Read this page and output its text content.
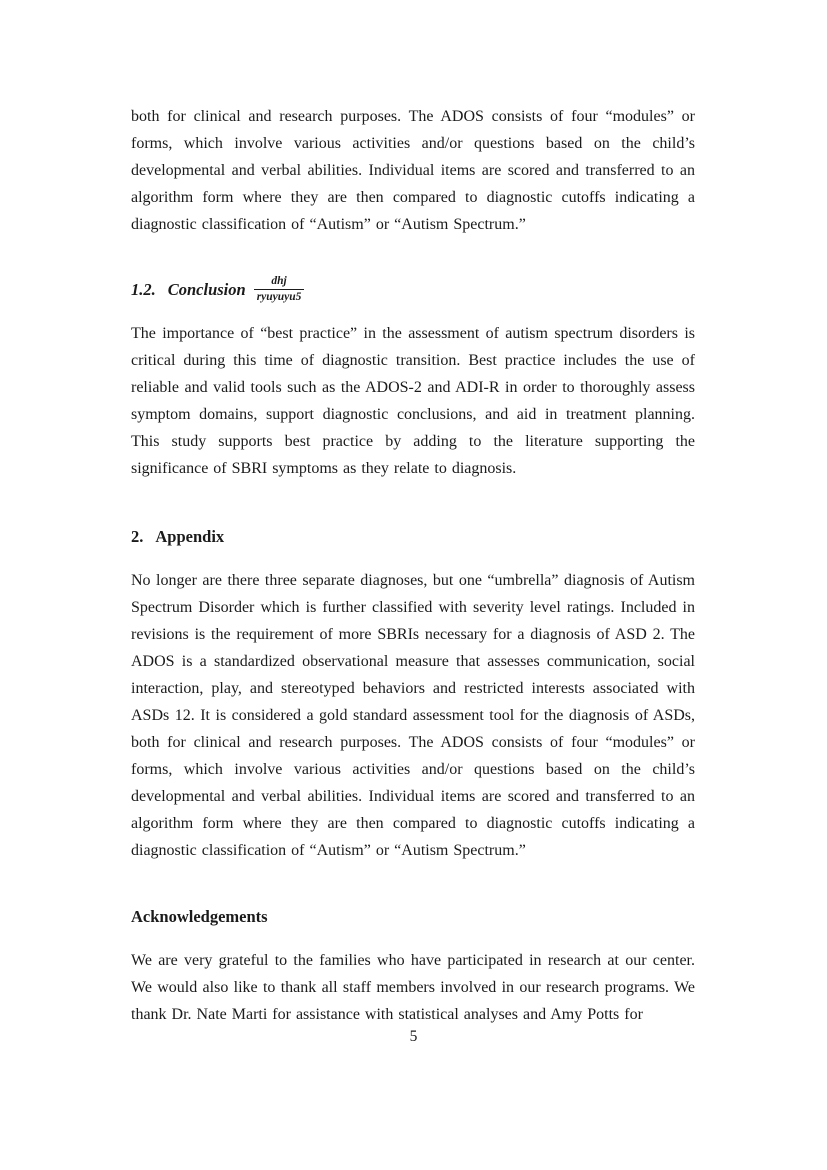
both for clinical and research purposes. The ADOS consists of four “modules” or forms, which involve various activities and/or questions based on the child’s developmental and verbal abilities. Individual items are scored and transferred to an algorithm form where they are then compared to diagnostic cutoffs indicating a diagnostic classification of “Autism” or “Autism Spectrum.”

1.2. Conclusion $\frac{\text{dhj}}{\text{ryuyuyu5}}$

The importance of “best practice” in the assessment of autism spectrum disorders is critical during this time of diagnostic transition. Best practice includes the use of reliable and valid tools such as the ADOS-2 and ADI-R in order to thoroughly assess symptom domains, support diagnostic conclusions, and aid in treatment planning. This study supports best practice by adding to the literature supporting the significance of SBRI symptoms as they relate to diagnosis.

2. Appendix

No longer are there three separate diagnoses, but one “umbrella” diagnosis of Autism Spectrum Disorder which is further classified with severity level ratings. Included in revisions is the requirement of more SBRIs necessary for a diagnosis of ASD 2. The ADOS is a standardized observational measure that assesses communication, social interaction, play, and stereotyped behaviors and restricted interests associated with ASDs 12. It is considered a gold standard assessment tool for the diagnosis of ASDs, both for clinical and research purposes. The ADOS consists of four “modules” or forms, which involve various activities and/or questions based on the child’s developmental and verbal abilities. Individual items are scored and transferred to an algorithm form where they are then compared to diagnostic cutoffs indicating a diagnostic classification of “Autism” or “Autism Spectrum.”

Acknowledgements

We are very grateful to the families who have participated in research at our center. We would also like to thank all staff members involved in our research programs. We thank Dr. Nate Marti for assistance with statistical analyses and Amy Potts for

5
